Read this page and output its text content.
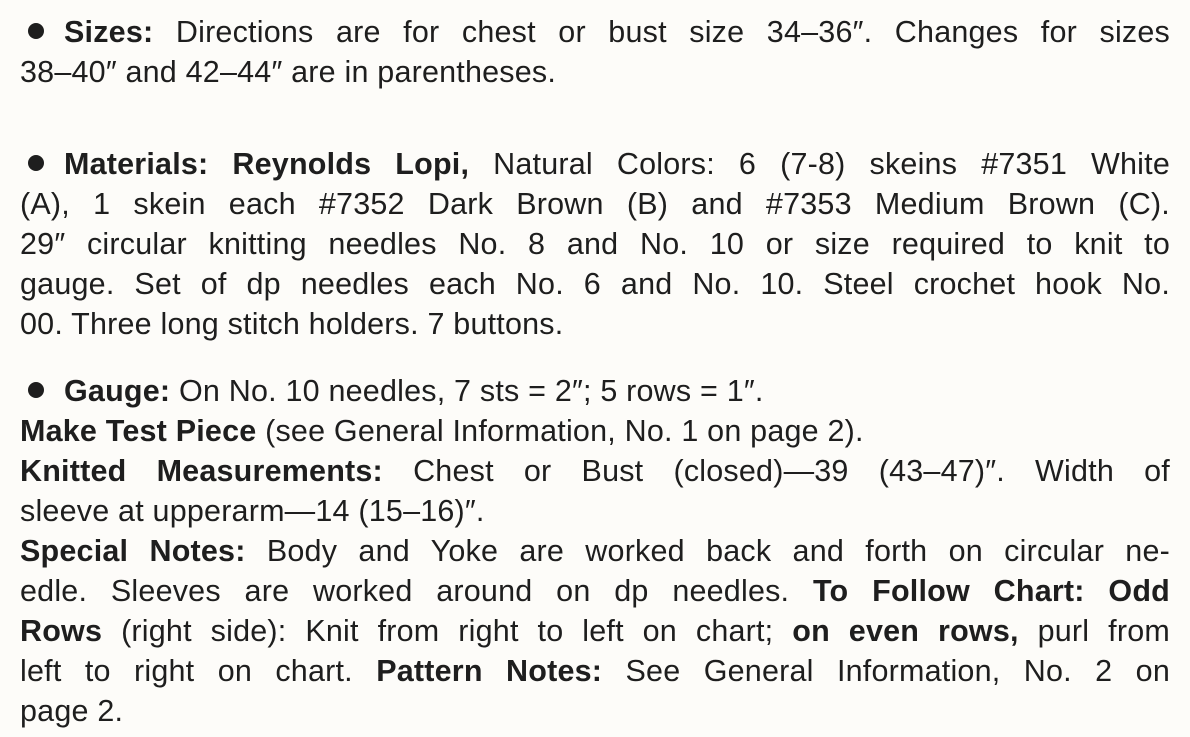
Sizes: Directions are for chest or bust size 34–36″. Changes for sizes
38–40″ and 42–44″ are in parentheses.
Materials: Reynolds Lopi, Natural Colors: 6 (7-8) skeins #7351 White
(A), 1 skein each #7352 Dark Brown (B) and #7353 Medium Brown (C).
29″ circular knitting needles No. 8 and No. 10 or size required to knit to
gauge. Set of dp needles each No. 6 and No. 10. Steel crochet hook No.
00. Three long stitch holders. 7 buttons.
Gauge: On No. 10 needles, 7 sts = 2″; 5 rows = 1″.
Make Test Piece (see General Information, No. 1 on page 2).
Knitted Measurements: Chest or Bust (closed)—39 (43–47)″. Width of
sleeve at upperarm—14 (15–16)″.
Special Notes: Body and Yoke are worked back and forth on circular ne-
edle. Sleeves are worked around on dp needles. To Follow Chart: Odd
Rows (right side): Knit from right to left on chart; on even rows, purl from
left to right on chart. Pattern Notes: See General Information, No. 2 on
page 2.
